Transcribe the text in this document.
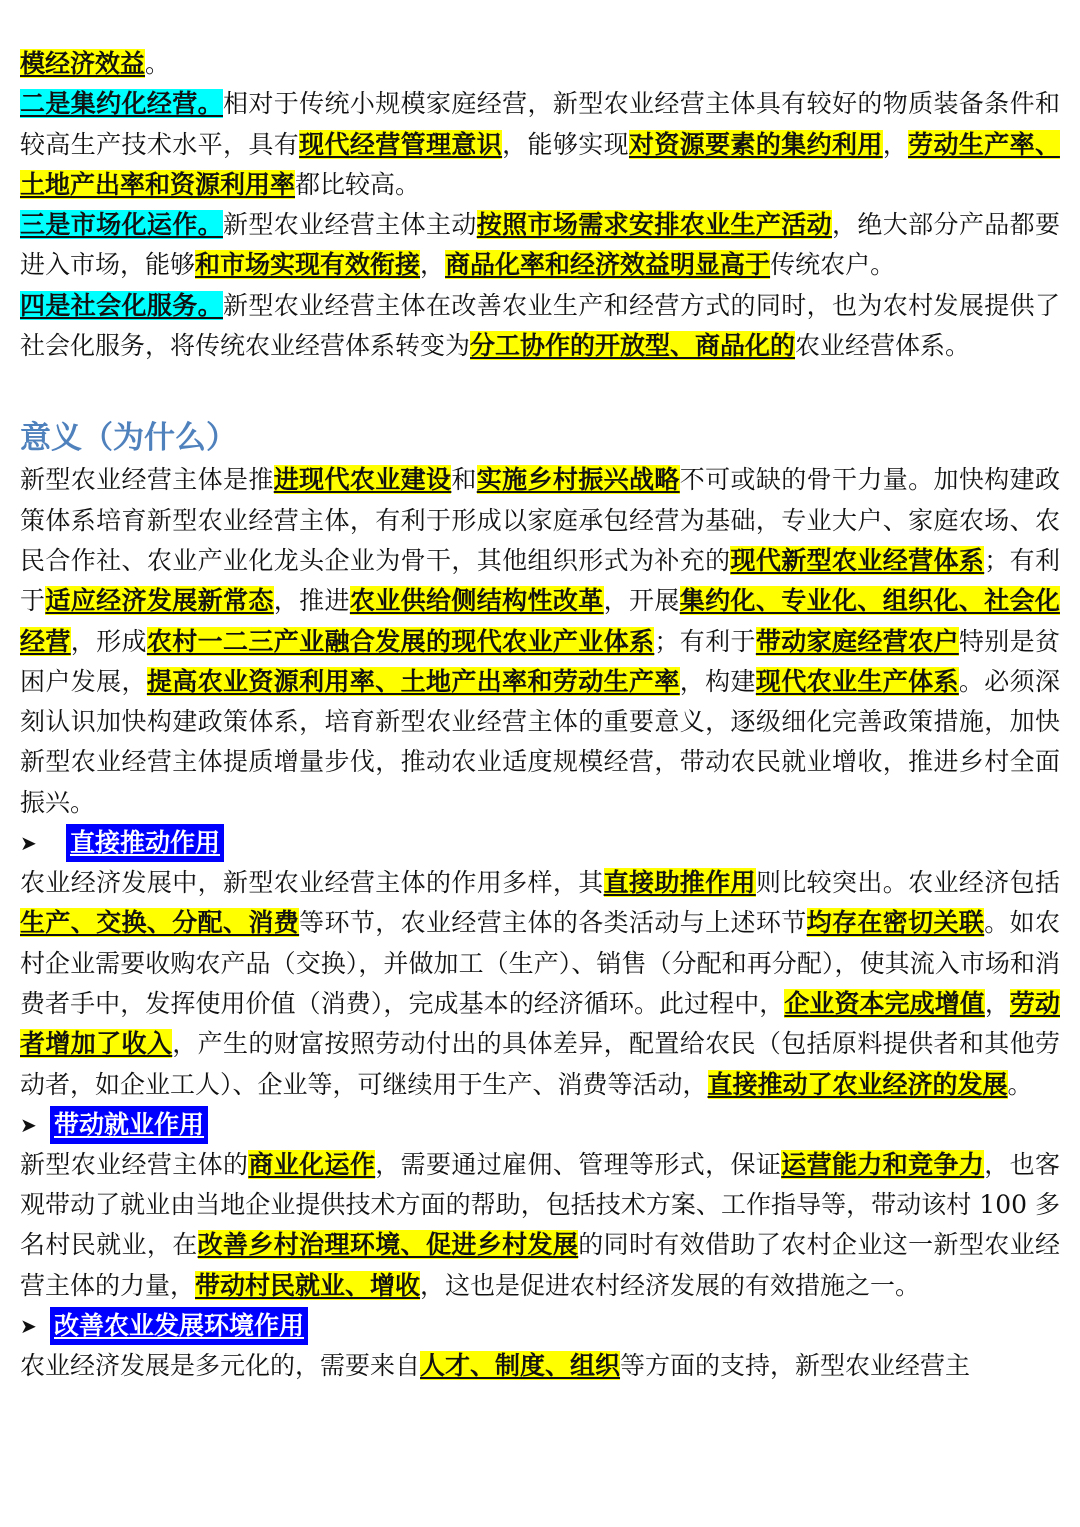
模经济效益。

二是集约化经营。相对于传统小规模家庭经营，新型农业经营主体具有较好的物质装备条件和较高生产技术水平，具有现代经营管理意识，能够实现对资源要素的集约利用，劳动生产率、土地产出率和资源利用率都比较高。

三是市场化运作。新型农业经营主体主动按照市场需求安排农业生产活动，绝大部分产品都要进入市场，能够和市场实现有效衔接，商品化率和经济效益明显高于传统农户。

四是社会化服务。新型农业经营主体在改善农业生产和经营方式的同时，也为农村发展提供了社会化服务，将传统农业经营体系转变为分工协作的开放型、商品化的农业经营体系。

意义（为什么）

新型农业经营主体是推进现代农业建设和实施乡村振兴战略不可或缺的骨干力量。加快构建政策体系培育新型农业经营主体，有利于形成以家庭承包经营为基础，专业大户、家庭农场、农民合作社、农业产业化龙头企业为骨干，其他组织形式为补充的现代新型农业经营体系；有利于适应经济发展新常态，推进农业供给侧结构性改革，开展集约化、专业化、组织化、社会化经营，形成农村一二三产业融合发展的现代农业产业体系；有利于带动家庭经营农户特别是贫困户发展，提高农业资源利用率、土地产出率和劳动生产率，构建现代农业生产体系。必须深刻认识加快构建政策体系，培育新型农业经营主体的重要意义，逐级细化完善政策措施，加快新型农业经营主体提质增量步伐，推动农业适度规模经营，带动农民就业增收，推进乡村全面振兴。

➤	直接推动作用

农业经济发展中，新型农业经营主体的作用多样，其直接助推作用则比较突出。农业经济包括生产、交换、分配、消费等环节，农业经营主体的各类活动与上述环节均存在密切关联。如农村企业需要收购农产品（交换），并做加工（生产）、销售（分配和再分配），使其流入市场和消费者手中，发挥使用价值（消费），完成基本的经济循环。此过程中，企业资本完成增值，劳动者增加了收入，产生的财富按照劳动付出的具体差异，配置给农民（包括原料提供者和其他劳动者，如企业工人）、企业等，可继续用于生产、消费等活动，直接推动了农业经济的发展。

➤ 带动就业作用

新型农业经营主体的商业化运作，需要通过雇佣、管理等形式，保证运营能力和竞争力，也客观带动了就业由当地企业提供技术方面的帮助，包括技术方案、工作指导等，带动该村 100 多名村民就业，在改善乡村治理环境、促进乡村发展的同时有效借助了农村企业这一新型农业经营主体的力量，带动村民就业、增收，这也是促进农村经济发展的有效措施之一。

➤ 改善农业发展环境作用

农业经济发展是多元化的，需要来自人才、制度、组织等方面的支持，新型农业经营主
